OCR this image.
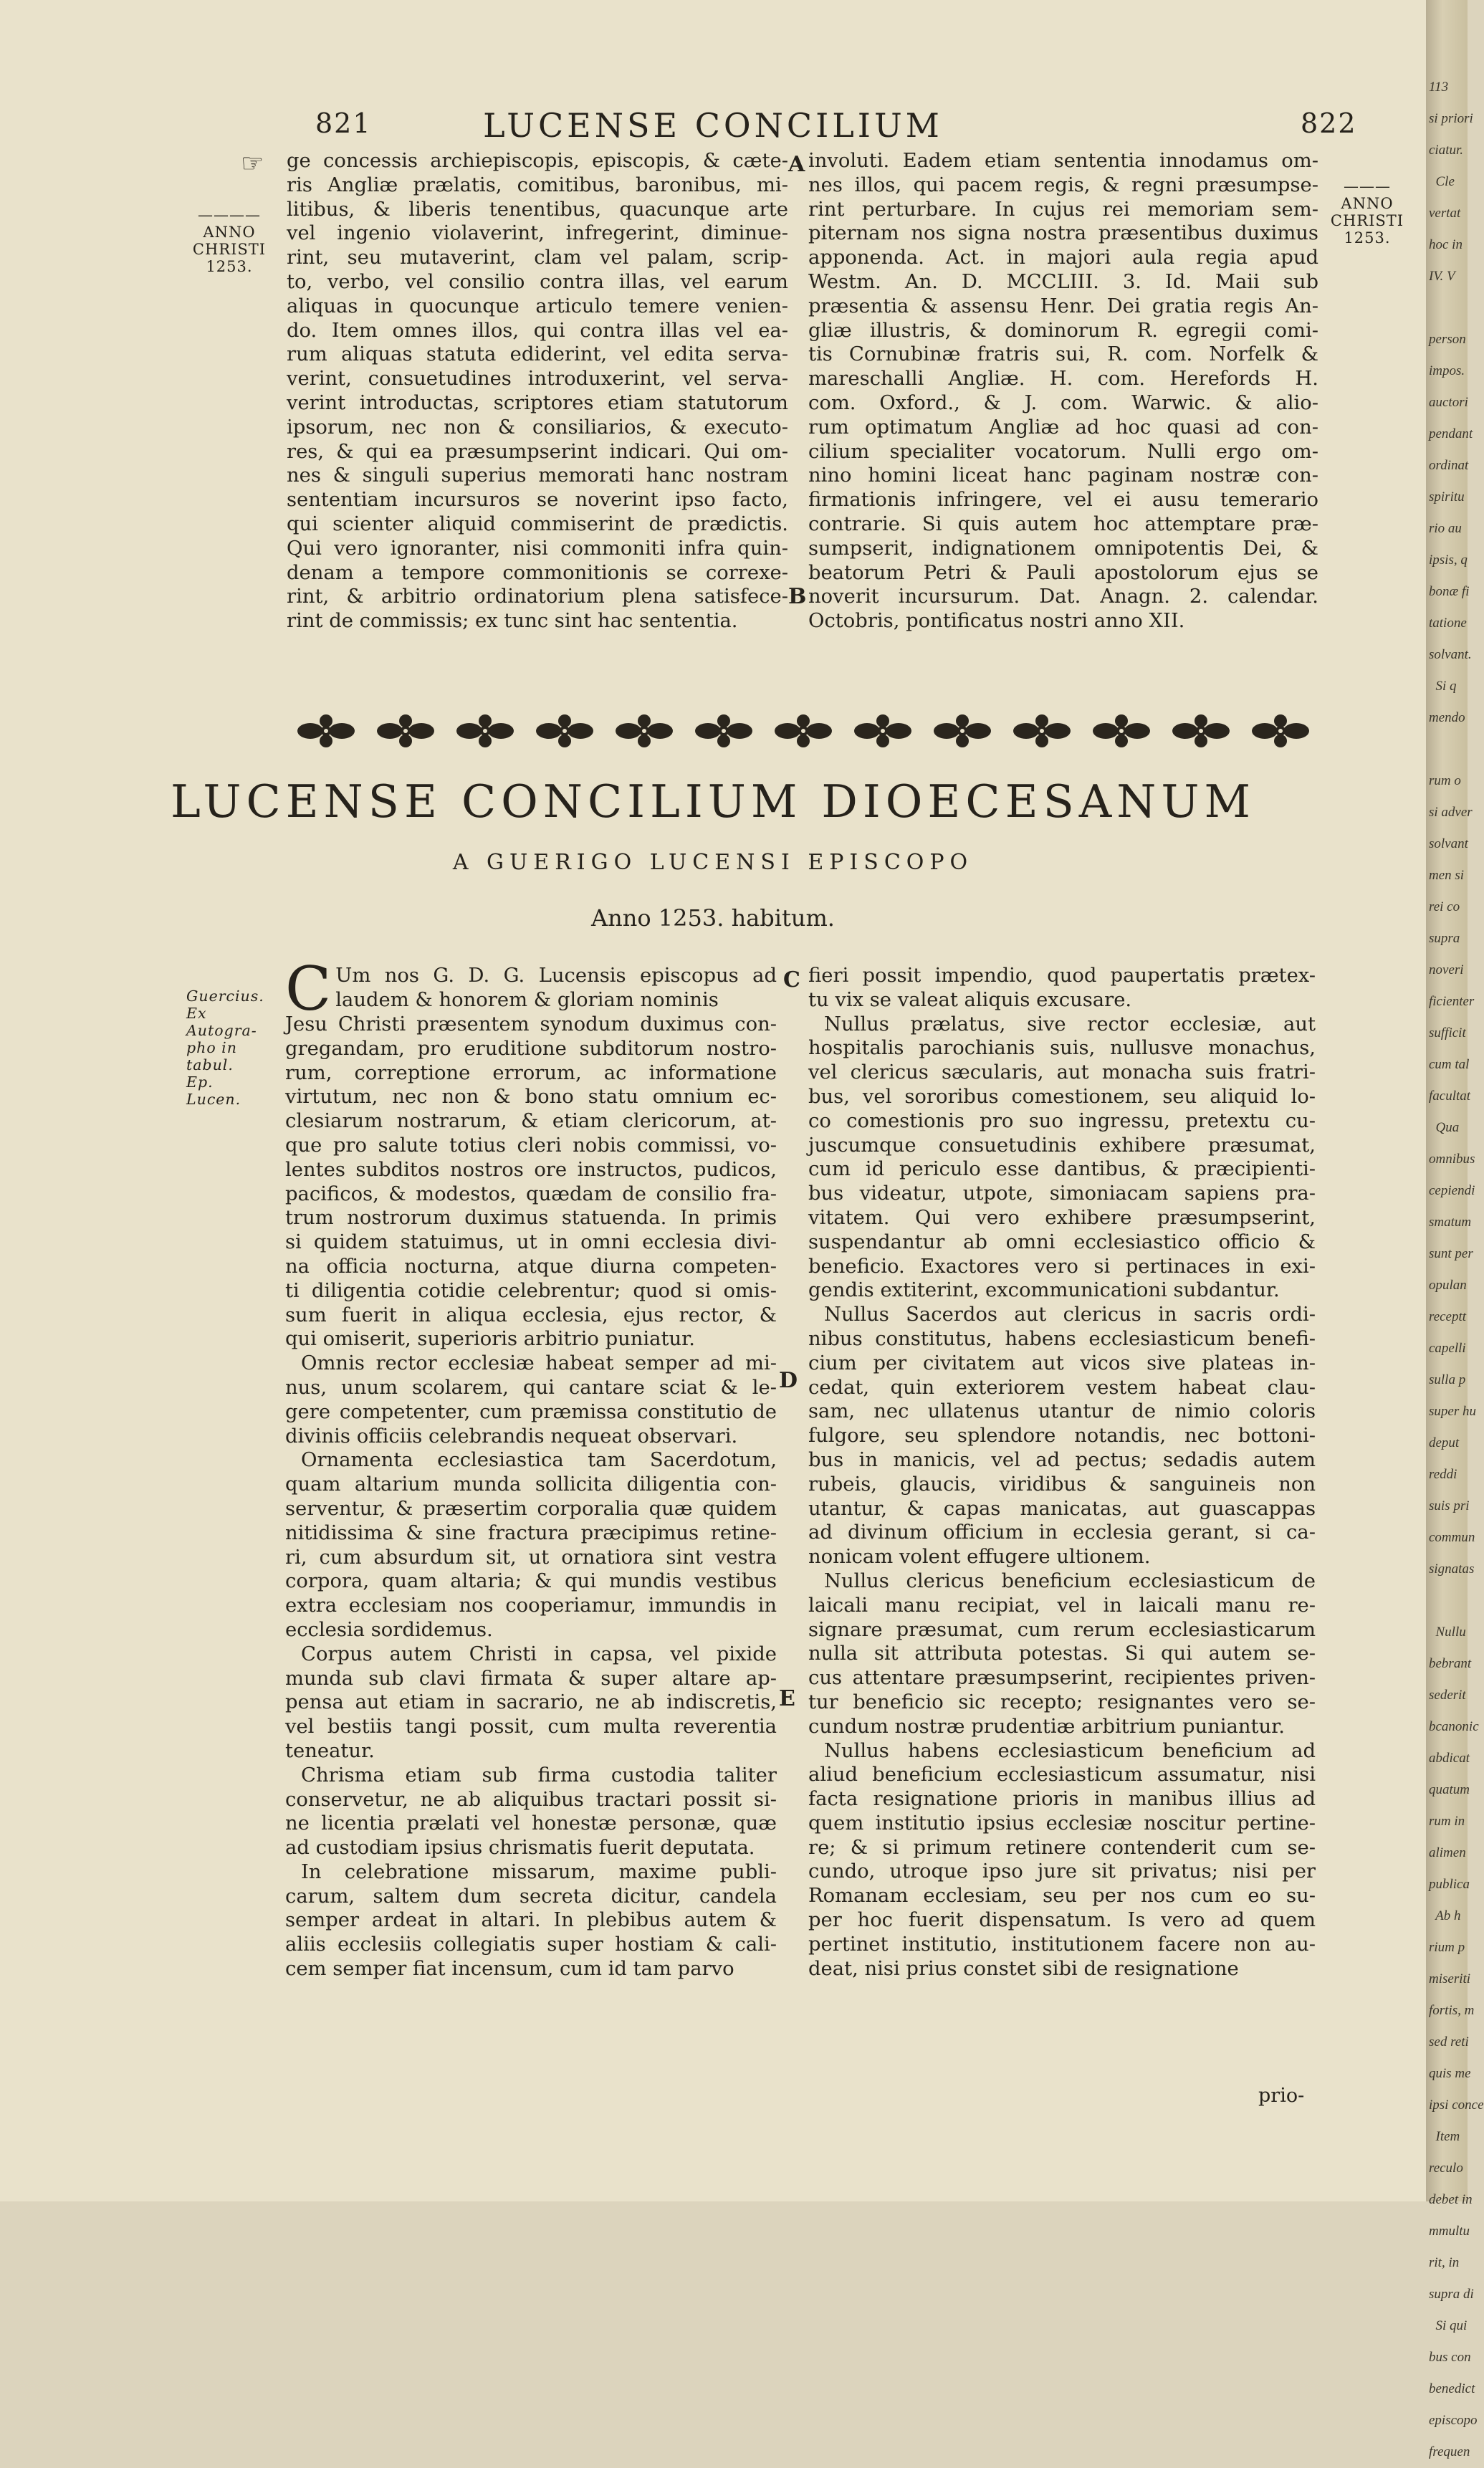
821	LUCENSE CONCILIUM	822
☞
————
ANNO
CHRISTI
1253.
———
ANNO
CHRISTI
1253.
A
B
C
D
E
ge concessis archiepiscopis, episcopis, & cæte-
ris Angliæ prælatis, comitibus, baronibus, mi-
litibus, & liberis tenentibus, quacunque arte
vel ingenio violaverint, infregerint, diminue-
rint, seu mutaverint, clam vel palam, scrip-
to, verbo, vel consilio contra illas, vel earum
aliquas in quocunque articulo temere venien-
do. Item omnes illos, qui contra illas vel ea-
rum aliquas statuta ediderint, vel edita serva-
verint, consuetudines introduxerint, vel serva-
verint introductas, scriptores etiam statutorum
ipsorum, nec non & consiliarios, & executo-
res, & qui ea præsumpserint indicari. Qui om-
nes & singuli superius memorati hanc nostram
sententiam incursuros se noverint ipso facto,
qui scienter aliquid commiserint de prædictis.
Qui vero ignoranter, nisi commoniti infra quin-
denam a tempore commonitionis se correxe-
rint, & arbitrio ordinatorium plena satisfece-
rint de commissis; ex tunc sint hac sententia.
involuti. Eadem etiam sententia innodamus om-
nes illos, qui pacem regis, & regni præsumpse-
rint perturbare. In cujus rei memoriam sem-
piternam nos signa nostra præsentibus duximus
apponenda. Act. in majori aula regia apud
Westm. An. D. MCCLIII. 3. Id. Maii sub
præsentia & assensu Henr. Dei gratia regis An-
gliæ illustris, & dominorum R. egregii comi-
tis Cornubinæ fratris sui, R. com. Norfelk &
mareschalli Angliæ. H. com. Herefords H.
com. Oxford., & J. com. Warwic. & alio-
rum optimatum Angliæ ad hoc quasi ad con-
cilium specialiter vocatorum. Nulli ergo om-
nino homini liceat hanc paginam nostræ con-
firmationis infringere, vel ei ausu temerario
contrarie. Si quis autem hoc attemptare præ-
sumpserit, indignationem omnipotentis Dei, &
beatorum Petri & Pauli apostolorum ejus se
noverit incursurum. Dat. Anagn. 2. calendar.
Octobris, pontificatus nostri anno XII.
LUCENSE CONCILIUM DIOECESANUM
A GUERIGO LUCENSI EPISCOPO
Anno 1253. habitum.
Guercius.
Ex Autogra-
pho in tabul.
Ep. Lucen.
C Um nos G. D. G. Lucensis episcopus ad
laudem & honorem & gloriam nominis
Jesu Christi præsentem synodum duximus con-
gregandam, pro eruditione subditorum nostro-
rum, correptione errorum, ac informatione
virtutum, nec non & bono statu omnium ec-
clesiarum nostrarum, & etiam clericorum, at-
que pro salute totius cleri nobis commissi, vo-
lentes subditos nostros ore instructos, pudicos,
pacificos, & modestos, quædam de consilio fra-
trum nostrorum duximus statuenda. In primis
si quidem statuimus, ut in omni ecclesia divi-
na officia nocturna, atque diurna competen-
ti diligentia cotidie celebrentur; quod si omis-
sum fuerit in aliqua ecclesia, ejus rector, &
qui omiserit, superioris arbitrio puniatur.
Omnis rector ecclesiæ habeat semper ad mi-
nus, unum scolarem, qui cantare sciat & le-
gere competenter, cum præmissa constitutio de
divinis officiis celebrandis nequeat observari.
Ornamenta ecclesiastica tam Sacerdotum,
quam altarium munda sollicita diligentia con-
serventur, & præsertim corporalia quæ quidem
nitidissima & sine fractura præcipimus retine-
ri, cum absurdum sit, ut ornatiora sint vestra
corpora, quam altaria; & qui mundis vestibus
extra ecclesiam nos cooperiamur, immundis in
ecclesia sordidemus.
Corpus autem Christi in capsa, vel pixide
munda sub clavi firmata & super altare ap-
pensa aut etiam in sacrario, ne ab indiscretis,
vel bestiis tangi possit, cum multa reverentia
teneatur.
Chrisma etiam sub firma custodia taliter
conservetur, ne ab aliquibus tractari possit si-
ne licentia prælati vel honestæ personæ, quæ
ad custodiam ipsius chrismatis fuerit deputata.
In celebratione missarum, maxime publi-
carum, saltem dum secreta dicitur, candela
semper ardeat in altari. In plebibus autem &
aliis ecclesiis collegiatis super hostiam & cali-
cem semper fiat incensum, cum id tam parvo
fieri possit impendio, quod paupertatis prætex-
tu vix se valeat aliquis excusare.
Nullus prælatus, sive rector ecclesiæ, aut
hospitalis parochianis suis, nullusve monachus,
vel clericus sæcularis, aut monacha suis fratri-
bus, vel sororibus comestionem, seu aliquid lo-
co comestionis pro suo ingressu, pretextu cu-
juscumque consuetudinis exhibere præsumat,
cum id periculo esse dantibus, & præcipienti-
bus videatur, utpote, simoniacam sapiens pra-
vitatem. Qui vero exhibere præsumpserint,
suspendantur ab omni ecclesiastico officio &
beneficio. Exactores vero si pertinaces in exi-
gendis extiterint, excommunicationi subdantur.
Nullus Sacerdos aut clericus in sacris ordi-
nibus constitutus, habens ecclesiasticum benefi-
cium per civitatem aut vicos sive plateas in-
cedat, quin exteriorem vestem habeat clau-
sam, nec ullatenus utantur de nimio coloris
fulgore, seu splendore notandis, nec bottoni-
bus in manicis, vel ad pectus; sedadis autem
rubeis, glaucis, viridibus & sanguineis non
utantur, & capas manicatas, aut guascappas
ad divinum officium in ecclesia gerant, si ca-
nonicam volent effugere ultionem.
Nullus clericus beneficium ecclesiasticum de
laicali manu recipiat, vel in laicali manu re-
signare præsumat, cum rerum ecclesiasticarum
nulla sit attributa potestas. Si qui autem se-
cus attentare præsumpserint, recipientes priven-
tur beneficio sic recepto; resignantes vero se-
cundum nostræ prudentiæ arbitrium puniantur.
Nullus habens ecclesiasticum beneficium ad
aliud beneficium ecclesiasticum assumatur, nisi
facta resignatione prioris in manibus illius ad
quem institutio ipsius ecclesiæ noscitur pertine-
re; & si primum retinere contenderit cum se-
cundo, utroque ipso jure sit privatus; nisi per
Romanam ecclesiam, seu per nos cum eo su-
per hoc fuerit dispensatum. Is vero ad quem
pertinet institutio, institutionem facere non au-
deat, nisi prius constet sibi de resignatione
prio-
113
si priori
ciatur.
Cle
vertat
hoc in
IV. V

person
impos.
auctori
pendant
ordinat
spiritu
rio au
ipsis, q
bonæ fi
tatione
solvant.
Si q
mendo

rum o
si adver
solvant
men si
rei co
supra
noveri
ficienter
sufficit
cum tal
facultat
Qua
omnibus
cepiendi
smatum
sunt per
opulan
receptt
capelli
sulla p
super hu
deput
reddi
suis pri
commun
signatas

Nullu
bebrant
sederit
bcanonic
abdicat
quatum
rum in
alimen
publica
Ab h
rium p
miseriti
fortis, m
sed reti
quis me
ipsi conce
Item
reculo
debet
mmultu
rit, in
supra di
Si qui
bus con
benedict
episcopo
frequen
